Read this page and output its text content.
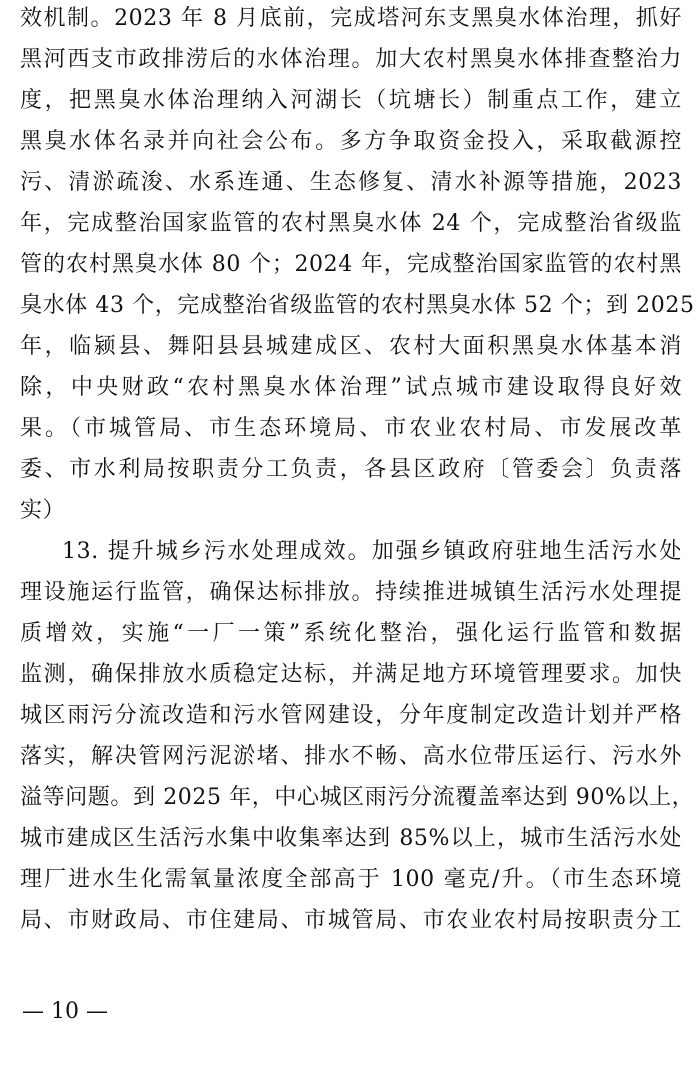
效机制。2023 年 8 月底前，完成塔河东支黑臭水体治理，抓好
黑河西支市政排涝后的水体治理。加大农村黑臭水体排查整治力
度，把黑臭水体治理纳入河湖长（坑塘长）制重点工作，建立
黑臭水体名录并向社会公布。多方争取资金投入，采取截源控
污、清淤疏浚、水系连通、生态修复、清水补源等措施，2023
年，完成整治国家监管的农村黑臭水体 24 个，完成整治省级监
管的农村黑臭水体 80 个；2024 年，完成整治国家监管的农村黑
臭水体 43 个，完成整治省级监管的农村黑臭水体 52 个；到 2025
年，临颍县、舞阳县县城建成区、农村大面积黑臭水体基本消
除，中央财政“农村黑臭水体治理”试点城市建设取得良好效
果。（市城管局、市生态环境局、市农业农村局、市发展改革
委、市水利局按职责分工负责，各县区政府〔管委会〕负责落
实）
13. 提升城乡污水处理成效。加强乡镇政府驻地生活污水处
理设施运行监管，确保达标排放。持续推进城镇生活污水处理提
质增效，实施“一厂一策”系统化整治，强化运行监管和数据
监测，确保排放水质稳定达标，并满足地方环境管理要求。加快
城区雨污分流改造和污水管网建设，分年度制定改造计划并严格
落实，解决管网污泥淤堵、排水不畅、高水位带压运行、污水外
溢等问题。到 2025 年，中心城区雨污分流覆盖率达到 90%以上，
城市建成区生活污水集中收集率达到 85%以上，城市生活污水处
理厂进水生化需氧量浓度全部高于 100 毫克/升。（市生态环境
局、市财政局、市住建局、市城管局、市农业农村局按职责分工
— 10 —
